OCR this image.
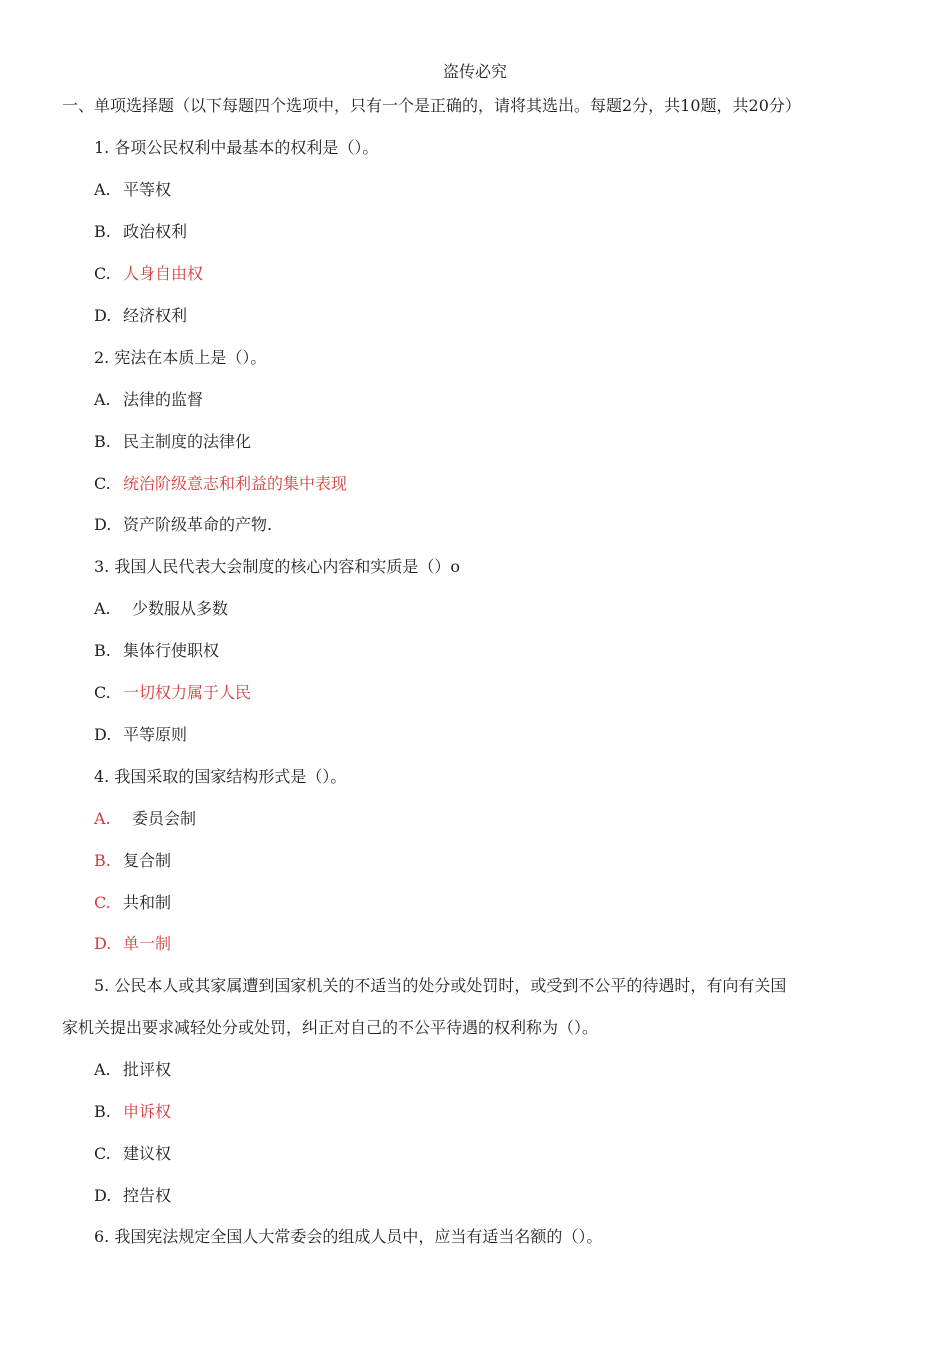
盗传必究
一、单项选择题（以下每题四个选项中，只有一个是正确的，请将其选出。每题2分，共10题，共20分）
1. 各项公民权利中最基本的权利是（）。
A. 平等权
B. 政治权利
C. 人身自由权
D. 经济权利
2. 宪法在本质上是（）。
A. 法律的监督
B. 民主制度的法律化
C. 统治阶级意志和利益的集中表现
D. 资产阶级革命的产物.
3. 我国人民代表大会制度的核心内容和实质是（）o
A. 少数服从多数
B. 集体行使职权
C. 一切权力属于人民
D. 平等原则
4. 我国采取的国家结构形式是（）。
A. 委员会制
B. 复合制
C. 共和制
D. 单一制
5. 公民本人或其家属遭到国家机关的不适当的处分或处罚时，或受到不公平的待遇时，有向有关国
家机关提出要求减轻处分或处罚，纠正对自己的不公平待遇的权利称为（）。
A. 批评权
B. 申诉权
C. 建议权
D. 控告权
6. 我国宪法规定全国人大常委会的组成人员中，应当有适当名额的（）。
